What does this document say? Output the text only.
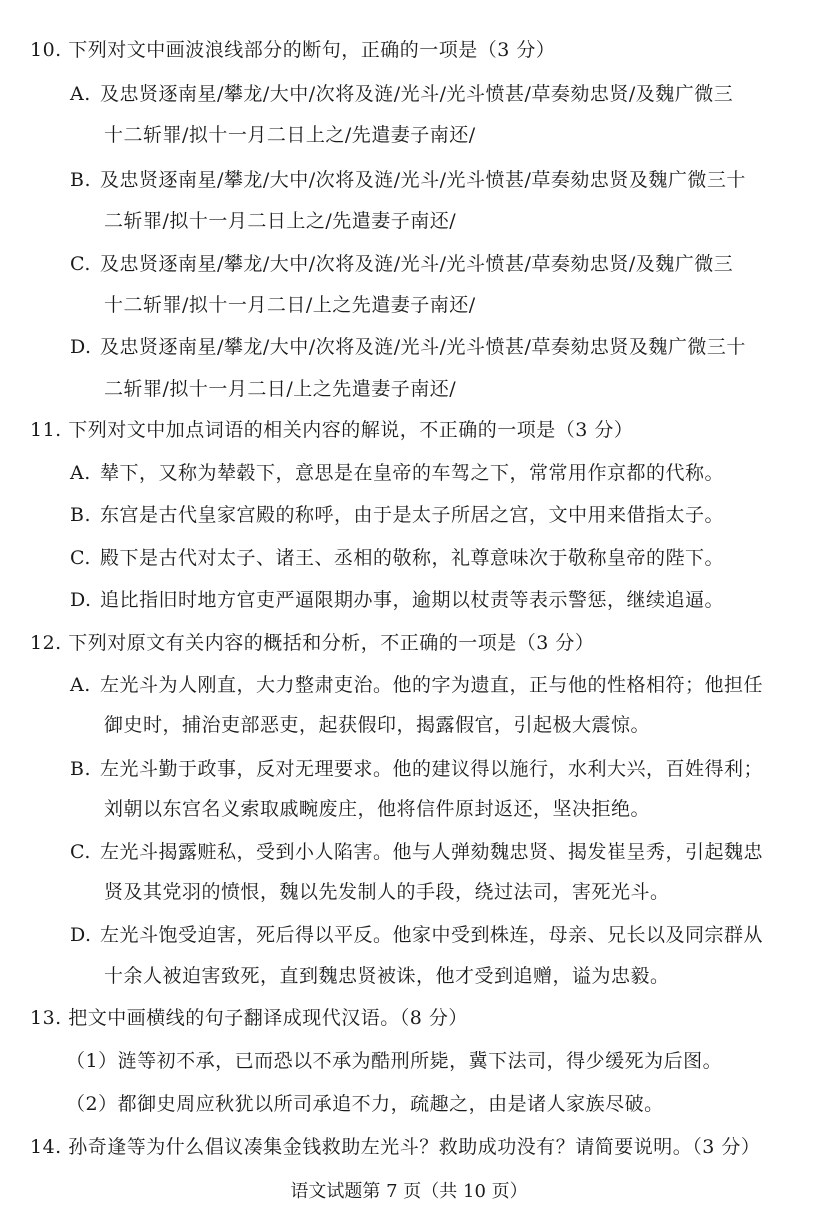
10. 下列对文中画波浪线部分的断句，正确的一项是（3 分）
A. 及忠贤逐南星/攀龙/大中/次将及涟/光斗/光斗愤甚/草奏劾忠贤/及魏广微三
十二斩罪/拟十一月二日上之/先遣妻子南还/
B. 及忠贤逐南星/攀龙/大中/次将及涟/光斗/光斗愤甚/草奏劾忠贤及魏广微三十
二斩罪/拟十一月二日上之/先遣妻子南还/
C. 及忠贤逐南星/攀龙/大中/次将及涟/光斗/光斗愤甚/草奏劾忠贤/及魏广微三
十二斩罪/拟十一月二日/上之先遣妻子南还/
D. 及忠贤逐南星/攀龙/大中/次将及涟/光斗/光斗愤甚/草奏劾忠贤及魏广微三十
二斩罪/拟十一月二日/上之先遣妻子南还/
11. 下列对文中加点词语的相关内容的解说，不正确的一项是（3 分）
A. 辇下，又称为辇毂下，意思是在皇帝的车驾之下，常常用作京都的代称。
B. 东宫是古代皇家宫殿的称呼，由于是太子所居之宫，文中用来借指太子。
C. 殿下是古代对太子、诸王、丞相的敬称，礼尊意味次于敬称皇帝的陛下。
D. 追比指旧时地方官吏严逼限期办事，逾期以杖责等表示警惩，继续追逼。
12. 下列对原文有关内容的概括和分析，不正确的一项是（3 分）
A. 左光斗为人刚直，大力整肃吏治。他的字为遗直，正与他的性格相符；他担任
御史时，捕治吏部恶吏，起获假印，揭露假官，引起极大震惊。
B. 左光斗勤于政事，反对无理要求。他的建议得以施行，水利大兴，百姓得利；
刘朝以东宫名义索取戚畹废庄，他将信件原封返还，坚决拒绝。
C. 左光斗揭露赃私，受到小人陷害。他与人弹劾魏忠贤、揭发崔呈秀，引起魏忠
贤及其党羽的愤恨，魏以先发制人的手段，绕过法司，害死光斗。
D. 左光斗饱受迫害，死后得以平反。他家中受到株连，母亲、兄长以及同宗群从
十余人被迫害致死，直到魏忠贤被诛，他才受到追赠，谥为忠毅。
13. 把文中画横线的句子翻译成现代汉语。（8 分）
（1）涟等初不承，已而恐以不承为酷刑所毙，冀下法司，得少缓死为后图。
（2）都御史周应秋犹以所司承追不力，疏趣之，由是诸人家族尽破。
14. 孙奇逢等为什么倡议凑集金钱救助左光斗？救助成功没有？请简要说明。（3 分）
语文试题第 7 页（共 10 页）
